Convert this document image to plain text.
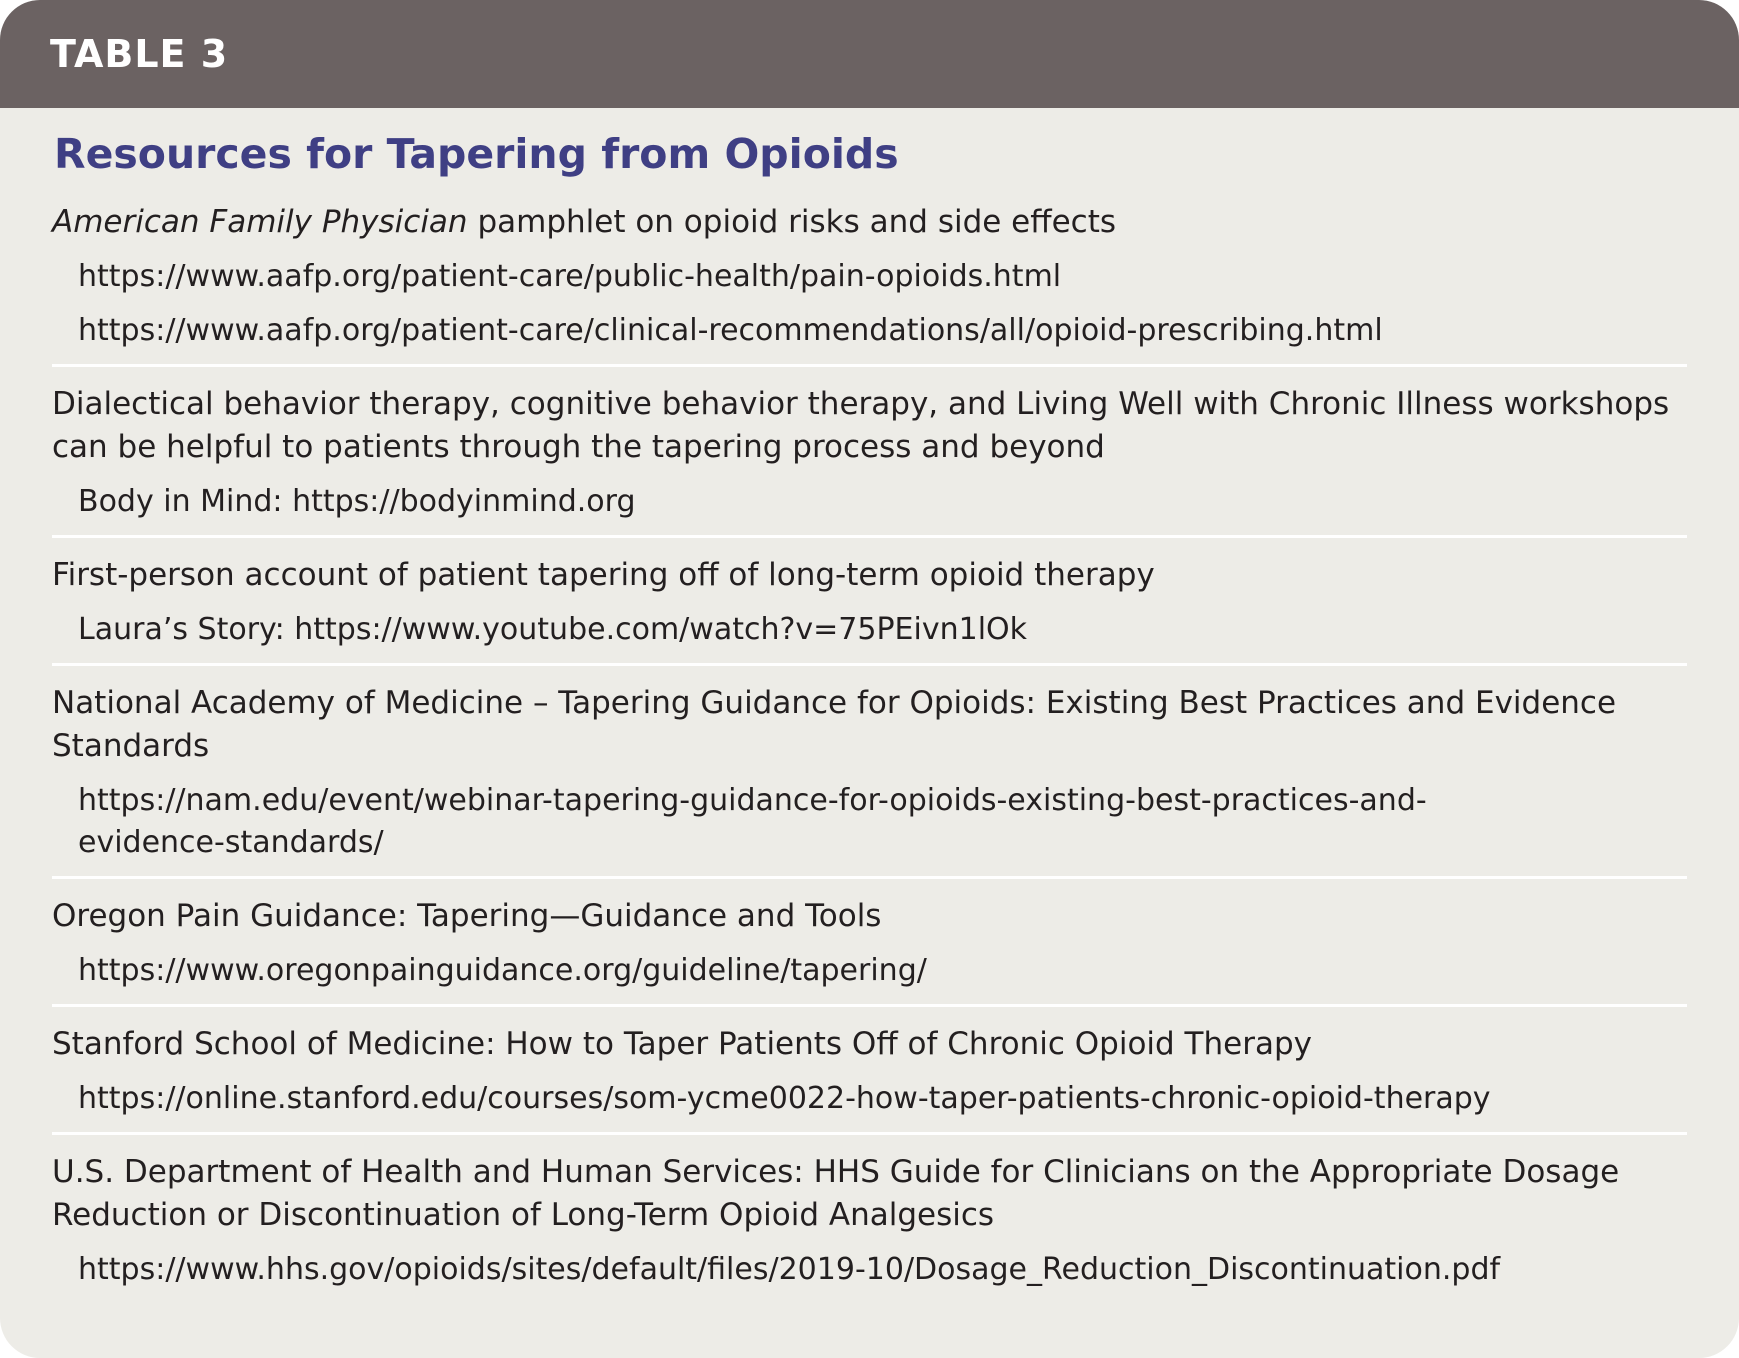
TABLE 3
Resources for Tapering from Opioids

American Family Physician pamphlet on opioid risks and side effects

https://www.aafp.org/patient-care/public-health/pain-opioids.html
https://www.aafp.org/patient-care/clinical-recommendations/all/opioid-prescribing.html

Dialectical behavior therapy, cognitive behavior therapy, and Living Well with Chronic Illness workshops can be helpful to patients through the tapering process and beyond

Body in Mind: https://bodyinmind.org

First-person account of patient tapering off of long-term opioid therapy

Laura’s Story: https://www.youtube.com/watch?v=75PEivn1lOk

National Academy of Medicine – Tapering Guidance for Opioids: Existing Best Practices and Evidence Standards

https://nam.edu/event/webinar-tapering-guidance-for-opioids-existing-best-practices-and-evidence-standards/

Oregon Pain Guidance: Tapering—Guidance and Tools

https://www.oregonpainguidance.org/guideline/tapering/

Stanford School of Medicine: How to Taper Patients Off of Chronic Opioid Therapy

https://online.stanford.edu/courses/som-ycme0022-how-taper-patients-chronic-opioid-therapy

U.S. Department of Health and Human Services: HHS Guide for Clinicians on the Appropriate Dosage Reduction or Discontinuation of Long-Term Opioid Analgesics

https://www.hhs.gov/opioids/sites/default/files/2019-10/Dosage_Reduction_Discontinuation.pdf
